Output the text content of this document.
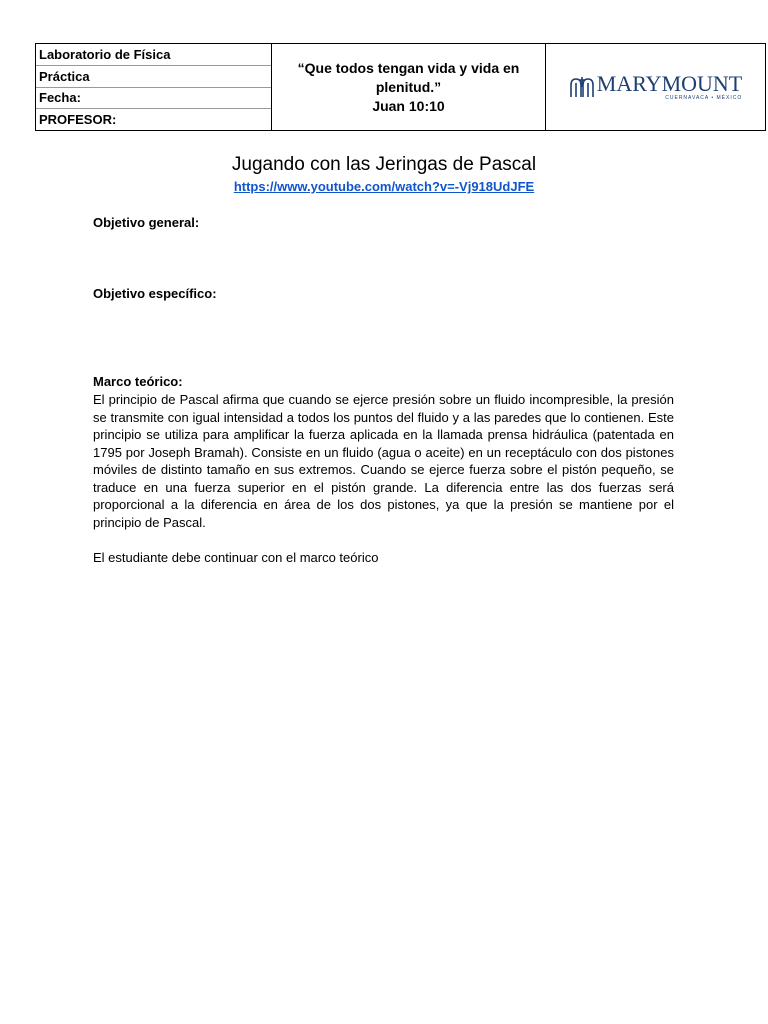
Laboratorio de Física
Práctica
Fecha:
PROFESOR:
“Que todos tengan vida y vida en plenitud.”
Juan 10:10
MARYMOUNT
CUERNAVACA • MÉXICO
Jugando con las Jeringas de Pascal
https://www.youtube.com/watch?v=-Vj918UdJFE
Objetivo general:
Objetivo específico:
Marco teórico:
El principio de Pascal afirma que cuando se ejerce presión sobre un fluido incompresible, la presión se transmite con igual intensidad a todos los puntos del fluido y a las paredes que lo contienen. Este principio se utiliza para amplificar la fuerza aplicada en la llamada prensa hidráulica (patentada en 1795 por Joseph Bramah). Consiste en un fluido (agua o aceite) en un receptáculo con dos pistones móviles de distinto tamaño en sus extremos. Cuando se ejerce fuerza sobre el pistón pequeño, se traduce en una fuerza superior en el pistón grande. La diferencia entre las dos fuerzas será proporcional a la diferencia en área de los dos pistones, ya que la presión se mantiene por el principio de Pascal.
El estudiante debe continuar con el marco teórico
